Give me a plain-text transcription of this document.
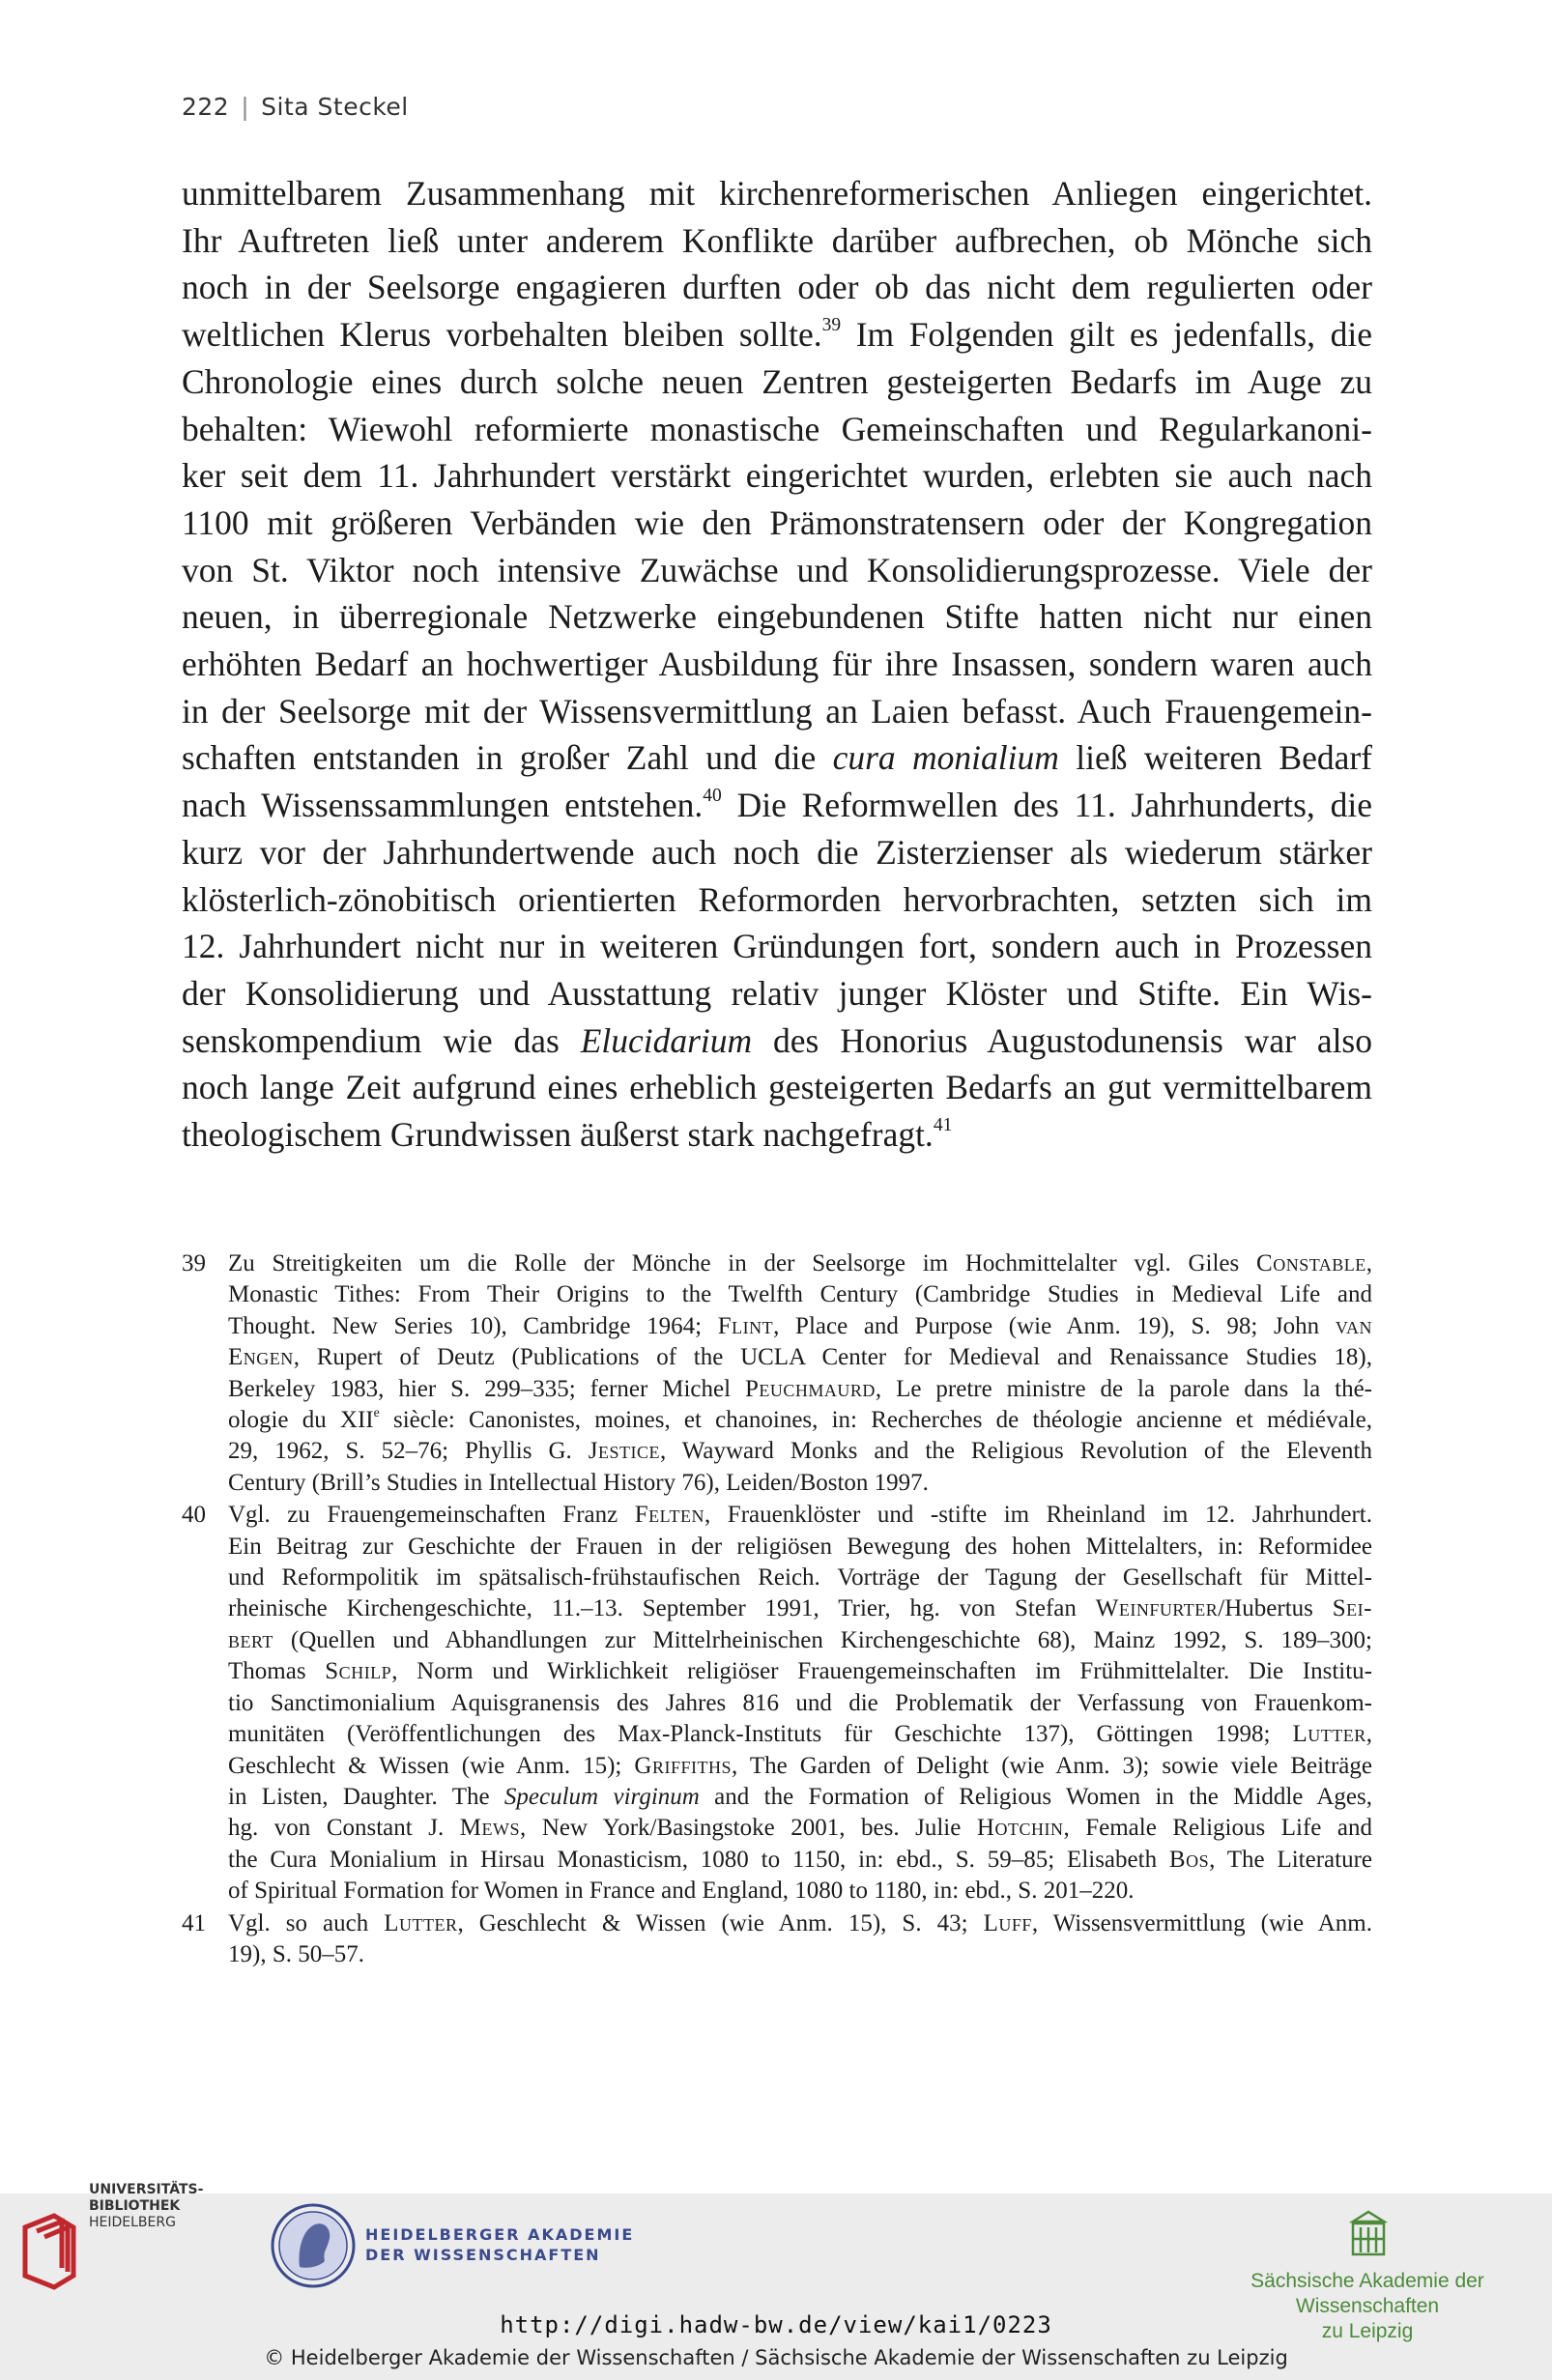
222 | Sita Steckel
unmittelbarem Zusammenhang mit kirchenreformerischen Anliegen eingerichtet.
Ihr Auftreten ließ unter anderem Konflikte darüber aufbrechen, ob Mönche sich
noch in der Seelsorge engagieren durften oder ob das nicht dem regulierten oder
weltlichen Klerus vorbehalten bleiben sollte.$^{39}$ Im Folgenden gilt es jedenfalls, die
Chronologie eines durch solche neuen Zentren gesteigerten Bedarfs im Auge zu
behalten: Wiewohl reformierte monastische Gemeinschaften und Regularkanoni-
ker seit dem 11. Jahrhundert verstärkt eingerichtet wurden, erlebten sie auch nach
1100 mit größeren Verbänden wie den Prämonstratensern oder der Kongregation
von St. Viktor noch intensive Zuwächse und Konsolidierungsprozesse. Viele der
neuen, in überregionale Netzwerke eingebundenen Stifte hatten nicht nur einen
erhöhten Bedarf an hochwertiger Ausbildung für ihre Insassen, sondern waren auch
in der Seelsorge mit der Wissensvermittlung an Laien befasst. Auch Frauengemein-
schaften entstanden in großer Zahl und die cura monialium ließ weiteren Bedarf
nach Wissenssammlungen entstehen.$^{40}$ Die Reformwellen des 11. Jahrhunderts, die
kurz vor der Jahrhundertwende auch noch die Zisterzienser als wiederum stärker
klösterlich-zönobitisch orientierten Reformorden hervorbrachten, setzten sich im
12. Jahrhundert nicht nur in weiteren Gründungen fort, sondern auch in Prozessen
der Konsolidierung und Ausstattung relativ junger Klöster und Stifte. Ein Wis-
senskompendium wie das Elucidarium des Honorius Augustodunensis war also
noch lange Zeit aufgrund eines erheblich gesteigerten Bedarfs an gut vermittelbarem
theologischem Grundwissen äußerst stark nachgefragt.$^{41}$
39 Zu Streitigkeiten um die Rolle der Mönche in der Seelsorge im Hochmittelalter vgl. Giles Constable,
Monastic Tithes: From Their Origins to the Twelfth Century (Cambridge Studies in Medieval Life and
Thought. New Series 10), Cambridge 1964; Flint, Place and Purpose (wie Anm. 19), S. 98; John van
Engen, Rupert of Deutz (Publications of the UCLA Center for Medieval and Renaissance Studies 18),
Berkeley 1983, hier S. 299–335; ferner Michel Peuchmaurd, Le pretre ministre de la parole dans la thé-
ologie du XIIe siècle: Canonistes, moines, et chanoines, in: Recherches de théologie ancienne et médiévale,
29, 1962, S. 52–76; Phyllis G. Jestice, Wayward Monks and the Religious Revolution of the Eleventh
Century (Brill’s Studies in Intellectual History 76), Leiden/Boston 1997.
40 Vgl. zu Frauengemeinschaften Franz Felten, Frauenklöster und -stifte im Rheinland im 12. Jahrhundert.
Ein Beitrag zur Geschichte der Frauen in der religiösen Bewegung des hohen Mittelalters, in: Reformidee
und Reformpolitik im spätsalisch-frühstaufischen Reich. Vorträge der Tagung der Gesellschaft für Mittel-
rheinische Kirchengeschichte, 11.–13. September 1991, Trier, hg. von Stefan Weinfurter/Hubertus Sei-
bert (Quellen und Abhandlungen zur Mittelrheinischen Kirchengeschichte 68), Mainz 1992, S. 189–300;
Thomas Schilp, Norm und Wirklichkeit religiöser Frauengemeinschaften im Frühmittelalter. Die Institu-
tio Sanctimonialium Aquisgranensis des Jahres 816 und die Problematik der Verfassung von Frauenkom-
munitäten (Veröffentlichungen des Max-Planck-Instituts für Geschichte 137), Göttingen 1998; Lutter,
Geschlecht & Wissen (wie Anm. 15); Griffiths, The Garden of Delight (wie Anm. 3); sowie viele Beiträge
in Listen, Daughter. The Speculum virginum and the Formation of Religious Women in the Middle Ages,
hg. von Constant J. Mews, New York/Basingstoke 2001, bes. Julie Hotchin, Female Religious Life and
the Cura Monialium in Hirsau Monasticism, 1080 to 1150, in: ebd., S. 59–85; Elisabeth Bos, The Literature
of Spiritual Formation for Women in France and England, 1080 to 1180, in: ebd., S. 201–220.
41 Vgl. so auch Lutter, Geschlecht & Wissen (wie Anm. 15), S. 43; Luff, Wissensvermittlung (wie Anm.
19), S. 50–57.
UNIVERSITÄTS-
BIBLIOTHEK
HEIDELBERG
HEIDELBERGER AKADEMIE
DER WISSENSCHAFTEN
Sächsische Akademie der Wissenschaften
zu Leipzig
http://digi.hadw-bw.de/view/kai1/0223
© Heidelberger Akademie der Wissenschaften / Sächsische Akademie der Wissenschaften zu Leipzig
